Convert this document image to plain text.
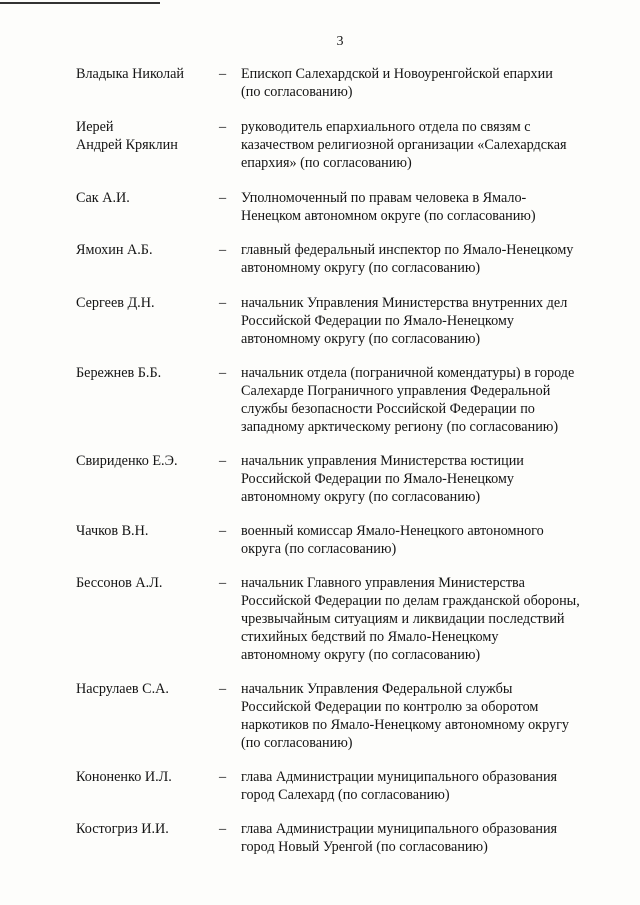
3
Владыка Николай	–	Епископ Салехардской и Новоуренгойской епархии
(по согласованию)
Иерей
Андрей Кряклин
–	руководитель епархиального отдела по связям с
казачеством религиозной организации «Салехардская
епархия» (по согласованию)
Сак А.И.	–	Уполномоченный по правам человека в Ямало-
Ненецком автономном округе (по согласованию)
Ямохин А.Б.	–	главный федеральный инспектор по Ямало-Ненецкому
автономному округу (по согласованию)
Сергеев Д.Н.	–	начальник Управления Министерства внутренних дел
Российской Федерации по Ямало-Ненецкому
автономному округу (по согласованию)
Бережнев Б.Б.	–	начальник отдела (пограничной комендатуры) в городе
Салехарде Пограничного управления Федеральной
службы безопасности Российской Федерации по
западному арктическому региону (по согласованию)
Свириденко Е.Э.	–	начальник управления Министерства юстиции
Российской Федерации по Ямало-Ненецкому
автономному округу (по согласованию)
Чачков В.Н.	–	военный комиссар Ямало-Ненецкого автономного
округа (по согласованию)
Бессонов А.Л.	–	начальник Главного управления Министерства
Российской Федерации по делам гражданской обороны,
чрезвычайным ситуациям и ликвидации последствий
стихийных бедствий по Ямало-Ненецкому
автономному округу (по согласованию)
Насрулаев С.А.	–	начальник Управления Федеральной службы
Российской Федерации по контролю за оборотом
наркотиков по Ямало-Ненецкому автономному округу
(по согласованию)
Кононенко И.Л.	–	глава Администрации муниципального образования
город Салехард (по согласованию)
Костогриз И.И.	–	глава Администрации муниципального образования
город Новый Уренгой (по согласованию)
